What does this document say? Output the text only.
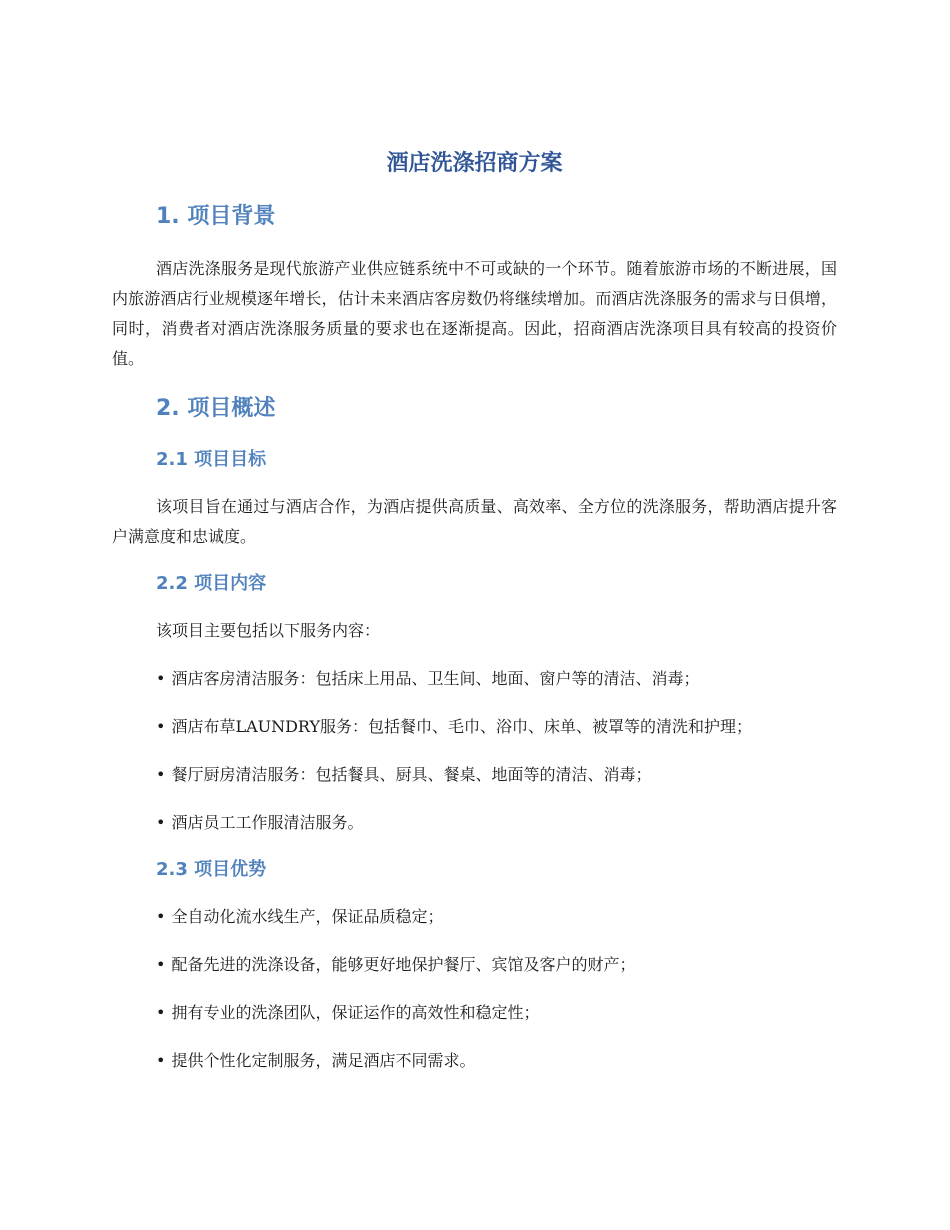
酒店洗涤招商方案
1. 项目背景

酒店洗涤服务是现代旅游产业供应链系统中不可或缺的一个环节。随着旅游市场的不断进展，国内旅游酒店行业规模逐年增长，估计未来酒店客房数仍将继续增加。而酒店洗涤服务的需求与日俱增，同时，消费者对酒店洗涤服务质量的要求也在逐渐提高。因此，招商酒店洗涤项目具有较高的投资价值。

2. 项目概述
2.1 项目目标

该项目旨在通过与酒店合作，为酒店提供高质量、高效率、全方位的洗涤服务，帮助酒店提升客户满意度和忠诚度。

2.2 项目内容

该项目主要包括以下服务内容：

• 酒店客房清洁服务：包括床上用品、卫生间、地面、窗户等的清洁、消毒；
• 酒店布草LAUNDRY服务：包括餐巾、毛巾、浴巾、床单、被罩等的清洗和护理；
• 餐厅厨房清洁服务：包括餐具、厨具、餐桌、地面等的清洁、消毒；
• 酒店员工工作服清洁服务。
2.3 项目优势
• 全自动化流水线生产，保证品质稳定；
• 配备先进的洗涤设备，能够更好地保护餐厅、宾馆及客户的财产；
• 拥有专业的洗涤团队，保证运作的高效性和稳定性；
• 提供个性化定制服务，满足酒店不同需求。
